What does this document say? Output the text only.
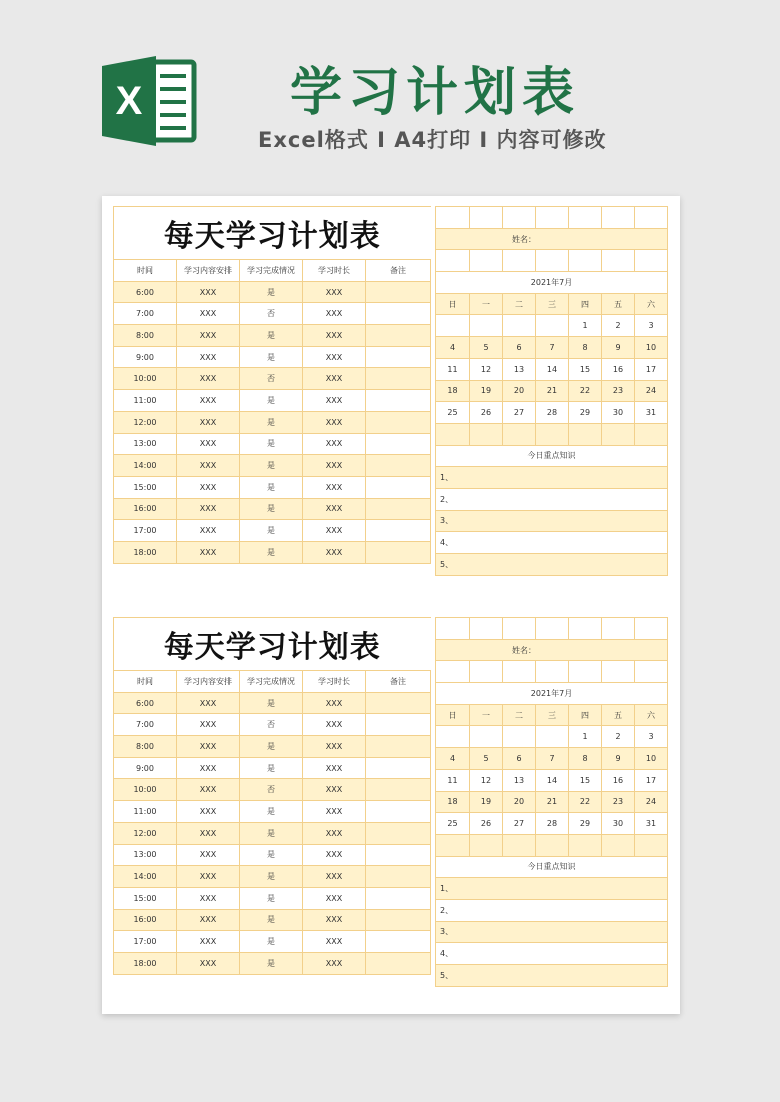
X	学习计划表
Excel格式 I A4打印 I 内容可修改
每天学习计划表				
时间	学习内容安排	学习完成情况	学习时长	备注
6:00	XXX	是	XXX	
7:00	XXX	否	XXX	
8:00	XXX	是	XXX	
9:00	XXX	是	XXX	
10:00	XXX	否	XXX	
11:00	XXX	是	XXX	
12:00	XXX	是	XXX	
13:00	XXX	是	XXX	
14:00	XXX	是	XXX	
15:00	XXX	是	XXX	
16:00	XXX	是	XXX	
17:00	XXX	是	XXX	
18:00	XXX	是	XXX	

姓名：						

2021年7月						
日	一	二	三	四	五	六
				1	2	3
4	5	6	7	8	9	10
11	12	13	14	15	16	17
18	19	20	21	22	23	24
25	26	27	28	29	30	31

今日重点知识						
1、						
2、						
3、						
4、						
5、						
每天学习计划表				
时间	学习内容安排	学习完成情况	学习时长	备注
6:00	XXX	是	XXX	
7:00	XXX	否	XXX	
8:00	XXX	是	XXX	
9:00	XXX	是	XXX	
10:00	XXX	否	XXX	
11:00	XXX	是	XXX	
12:00	XXX	是	XXX	
13:00	XXX	是	XXX	
14:00	XXX	是	XXX	
15:00	XXX	是	XXX	
16:00	XXX	是	XXX	
17:00	XXX	是	XXX	
18:00	XXX	是	XXX	

姓名：						

2021年7月						
日	一	二	三	四	五	六
				1	2	3
4	5	6	7	8	9	10
11	12	13	14	15	16	17
18	19	20	21	22	23	24
25	26	27	28	29	30	31

今日重点知识						
1、						
2、						
3、						
4、						
5、						
